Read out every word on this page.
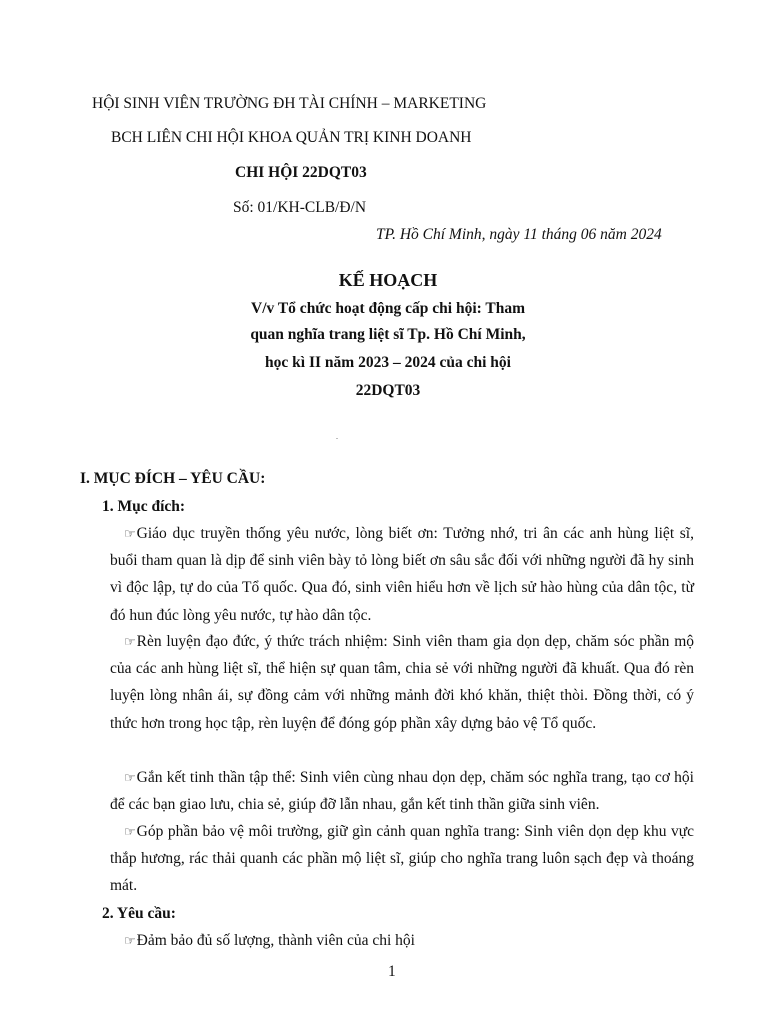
HỘI SINH VIÊN TRƯỜNG ĐH TÀI CHÍNH – MARKETING
BCH LIÊN CHI HỘI KHOA QUẢN TRỊ KINH DOANH
CHI HỘI 22DQT03
Số: 01/KH-CLB/Đ/N
TP. Hồ Chí Minh, ngày 11 tháng 06 năm 2024
KẾ HOẠCH
V/v Tổ chức hoạt động cấp chi hội: Tham
quan nghĩa trang liệt sĩ Tp. Hồ Chí Minh,
học kì II năm 2023 – 2024 của chi hội
22DQT03
.
I. MỤC ĐÍCH – YÊU CẦU:
1. Mục đích:
☞Giáo dục truyền thống yêu nước, lòng biết ơn: Tưởng nhớ, tri ân các anh hùng liệt sĩ, buổi tham quan là dịp để sinh viên bày tỏ lòng biết ơn sâu sắc đối với những người đã hy sinh vì độc lập, tự do của Tổ quốc. Qua đó, sinh viên hiểu hơn về lịch sử hào hùng của dân tộc, từ đó hun đúc lòng yêu nước, tự hào dân tộc.
☞Rèn luyện đạo đức, ý thức trách nhiệm: Sinh viên tham gia dọn dẹp, chăm sóc phần mộ của các anh hùng liệt sĩ, thể hiện sự quan tâm, chia sẻ với những người đã khuất. Qua đó rèn luyện lòng nhân ái, sự đồng cảm với những mảnh đời khó khăn, thiệt thòi. Đồng thời, có ý thức hơn trong học tập, rèn luyện để đóng góp phần xây dựng bảo vệ Tổ quốc.
☞Gắn kết tinh thần tập thể: Sinh viên cùng nhau dọn dẹp, chăm sóc nghĩa trang, tạo cơ hội để các bạn giao lưu, chia sẻ, giúp đỡ lẫn nhau, gắn kết tinh thần giữa sinh viên.
☞Góp phần bảo vệ môi trường, giữ gìn cảnh quan nghĩa trang: Sinh viên dọn dẹp khu vực thắp hương, rác thải quanh các phần mộ liệt sĩ, giúp cho nghĩa trang luôn sạch đẹp và thoáng mát.
2. Yêu cầu:
☞Đảm bảo đủ số lượng, thành viên của chi hội
1
